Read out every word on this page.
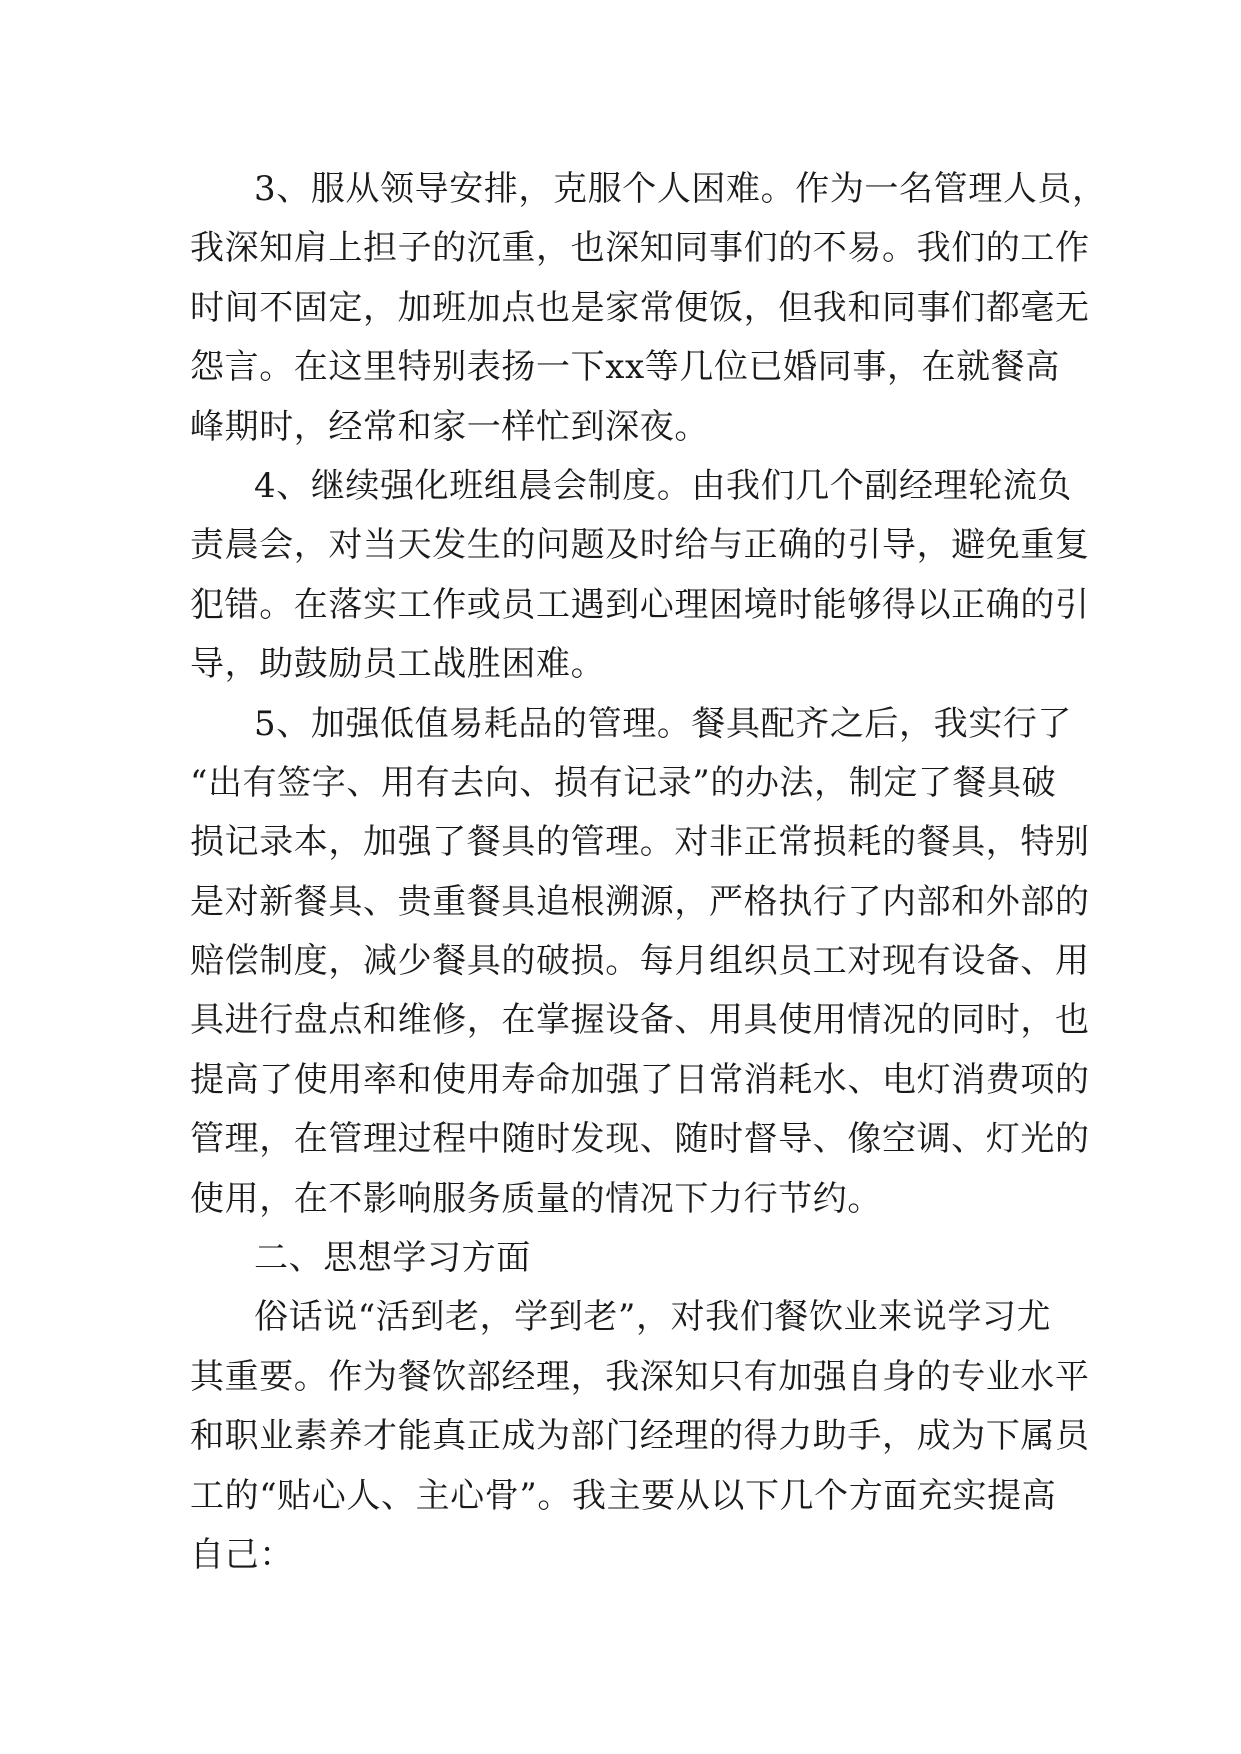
3、服从领导安排，克服个人困难。作为一名管理人员，
我深知肩上担子的沉重，也深知同事们的不易。我们的工作
时间不固定，加班加点也是家常便饭，但我和同事们都毫无
怨言。在这里特别表扬一下xx等几位已婚同事，在就餐高
峰期时，经常和家一样忙到深夜。
4、继续强化班组晨会制度。由我们几个副经理轮流负
责晨会，对当天发生的问题及时给与正确的引导，避免重复
犯错。在落实工作或员工遇到心理困境时能够得以正确的引
导，助鼓励员工战胜困难。
5、加强低值易耗品的管理。餐具配齐之后，我实行了
“出有签字、用有去向、损有记录”的办法，制定了餐具破
损记录本，加强了餐具的管理。对非正常损耗的餐具，特别
是对新餐具、贵重餐具追根溯源，严格执行了内部和外部的
赔偿制度，减少餐具的破损。每月组织员工对现有设备、用
具进行盘点和维修，在掌握设备、用具使用情况的同时，也
提高了使用率和使用寿命加强了日常消耗水、电灯消费项的
管理，在管理过程中随时发现、随时督导、像空调、灯光的
使用，在不影响服务质量的情况下力行节约。
二、思想学习方面
俗话说“活到老，学到老”，对我们餐饮业来说学习尤
其重要。作为餐饮部经理，我深知只有加强自身的专业水平
和职业素养才能真正成为部门经理的得力助手，成为下属员
工的“贴心人、主心骨”。我主要从以下几个方面充实提高
自己：
